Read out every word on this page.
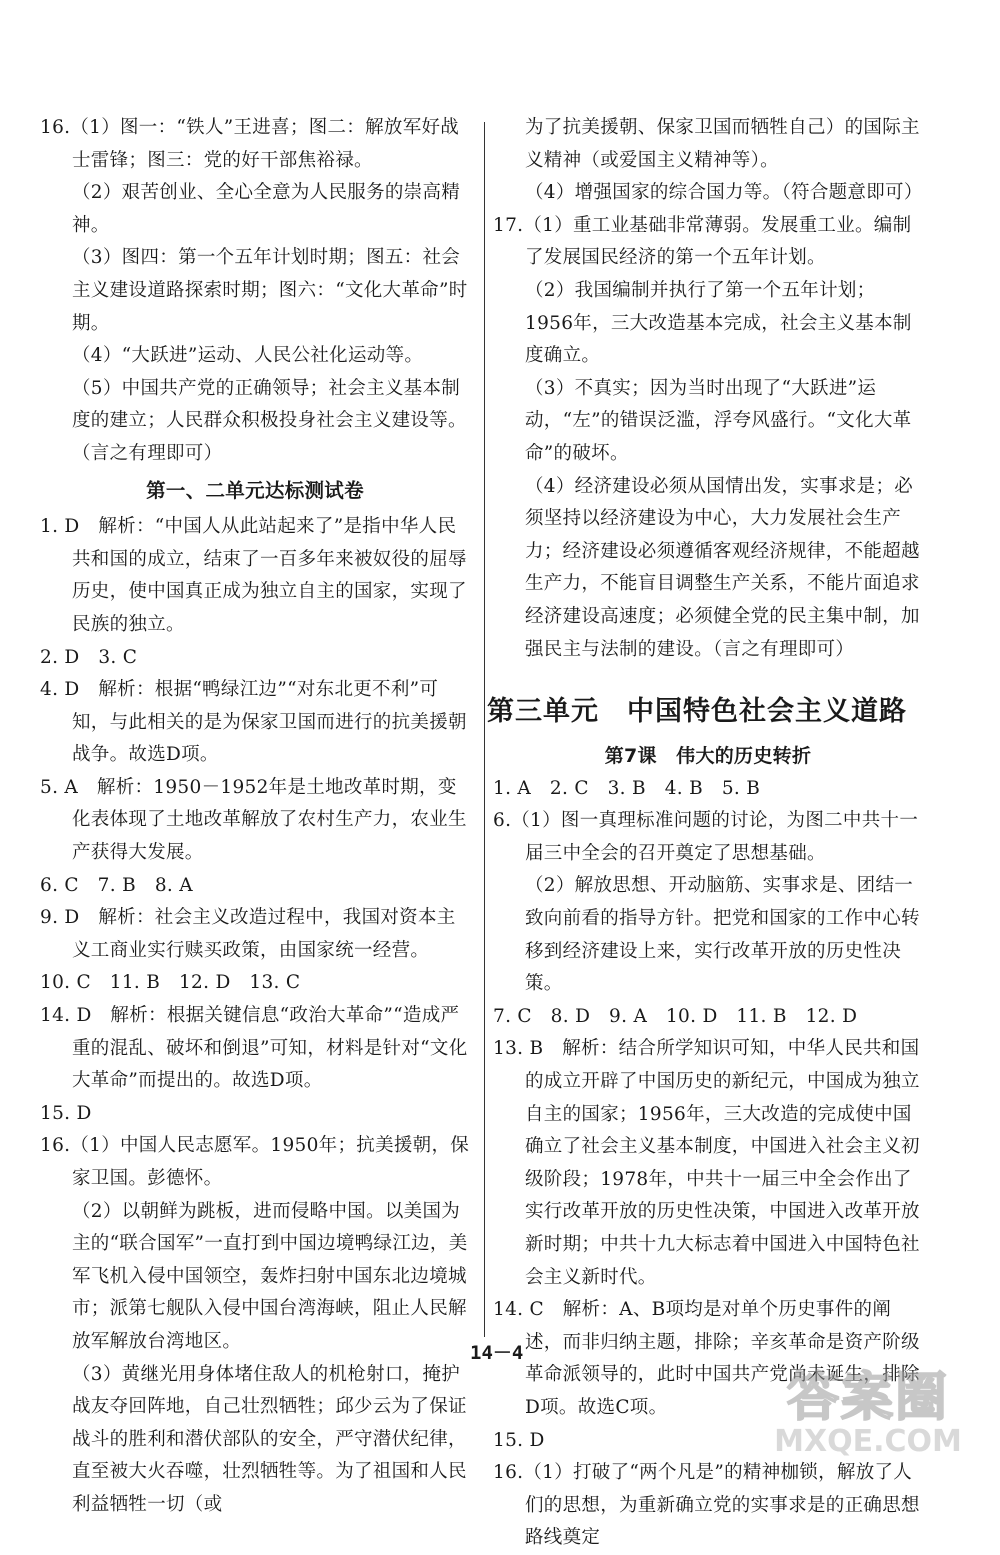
16.（1）图一：“铁人”王进喜；图二：解放军好战士雷锋；图三：党的好干部焦裕禄。

（2）艰苦创业、全心全意为人民服务的崇高精神。

（3）图四：第一个五年计划时期；图五：社会主义建设道路探索时期；图六：“文化大革命”时期。

（4）“大跃进”运动、人民公社化运动等。

（5）中国共产党的正确领导；社会主义基本制度的建立；人民群众积极投身社会主义建设等。（言之有理即可）

第一、二单元达标测试卷

1. D　解析：“中国人从此站起来了”是指中华人民共和国的成立，结束了一百多年来被奴役的屈辱历史，使中国真正成为独立自主的国家，实现了民族的独立。

2. D　3. C

4. D　解析：根据“鸭绿江边”“对东北更不利”可知，与此相关的是为保家卫国而进行的抗美援朝战争。故选D项。

5. A　解析：1950－1952年是土地改革时期，变化表体现了土地改革解放了农村生产力，农业生产获得大发展。

6. C　7. B　8. A

9. D　解析：社会主义改造过程中，我国对资本主义工商业实行赎买政策，由国家统一经营。

10. C　11. B　12. D　13. C

14. D　解析：根据关键信息“政治大革命”“造成严重的混乱、破坏和倒退”可知，材料是针对“文化大革命”而提出的。故选D项。

15. D

16.（1）中国人民志愿军。1950年；抗美援朝，保家卫国。彭德怀。

（2）以朝鲜为跳板，进而侵略中国。以美国为主的“联合国军”一直打到中国边境鸭绿江边，美军飞机入侵中国领空，轰炸扫射中国东北边境城市；派第七舰队入侵中国台湾海峡，阻止人民解放军解放台湾地区。

（3）黄继光用身体堵住敌人的机枪射口，掩护战友夺回阵地，自己壮烈牺牲；邱少云为了保证战斗的胜利和潜伏部队的安全，严守潜伏纪律，直至被大火吞噬，壮烈牺牲等。为了祖国和人民利益牺牲一切（或

为了抗美援朝、保家卫国而牺牲自己）的国际主义精神（或爱国主义精神等）。

（4）增强国家的综合国力等。（符合题意即可）

17.（1）重工业基础非常薄弱。发展重工业。编制了发展国民经济的第一个五年计划。

（2）我国编制并执行了第一个五年计划；1956年，三大改造基本完成，社会主义基本制度确立。

（3）不真实；因为当时出现了“大跃进”运动，“左”的错误泛滥，浮夸风盛行。“文化大革命”的破坏。

（4）经济建设必须从国情出发，实事求是；必须坚持以经济建设为中心，大力发展社会生产力；经济建设必须遵循客观经济规律，不能超越生产力，不能盲目调整生产关系，不能片面追求经济建设高速度；必须健全党的民主集中制，加强民主与法制的建设。（言之有理即可）

第三单元　中国特色社会主义道路

第7课　伟大的历史转折

1. A　2. C　3. B　4. B　5. B

6.（1）图一真理标准问题的讨论，为图二中共十一届三中全会的召开奠定了思想基础。

（2）解放思想、开动脑筋、实事求是、团结一致向前看的指导方针。把党和国家的工作中心转移到经济建设上来，实行改革开放的历史性决策。

7. C　8. D　9. A　10. D　11. B　12. D

13. B　解析：结合所学知识可知，中华人民共和国的成立开辟了中国历史的新纪元，中国成为独立自主的国家；1956年，三大改造的完成使中国确立了社会主义基本制度，中国进入社会主义初级阶段；1978年，中共十一届三中全会作出了实行改革开放的历史性决策，中国进入改革开放新时期；中共十九大标志着中国进入中国特色社会主义新时代。

14. C　解析：A、B项均是对单个历史事件的阐述，而非归纳主题，排除；辛亥革命是资产阶级革命派领导的，此时中国共产党尚未诞生，排除D项。故选C项。

15. D

16.（1）打破了“两个凡是”的精神枷锁，解放了人们的思想，为重新确立党的实事求是的正确思想路线奠定

14－4
答案圈
MXQE.COM
